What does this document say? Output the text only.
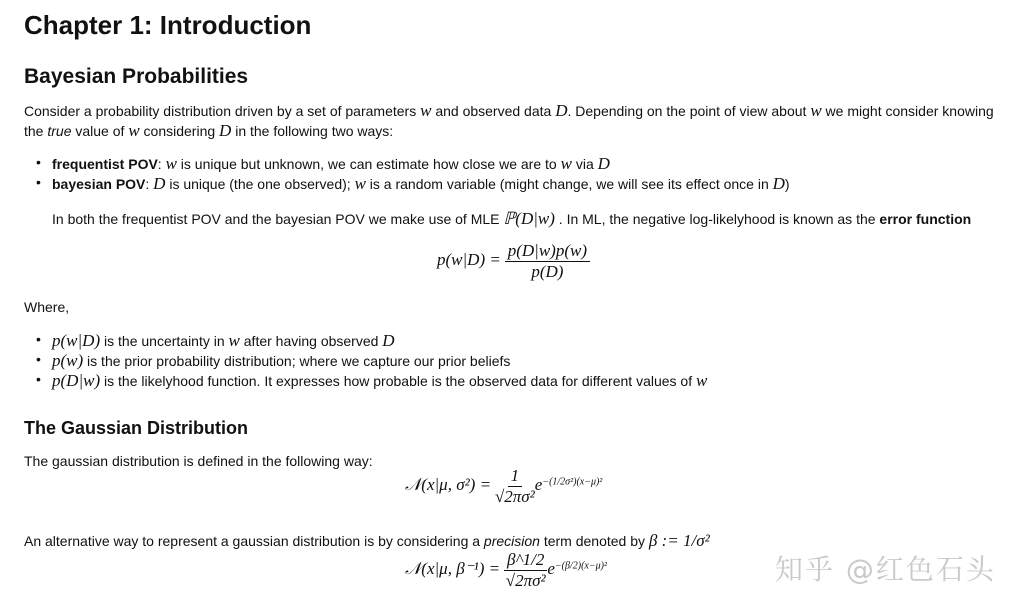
Chapter 1: Introduction
Bayesian Probabilities
Consider a probability distribution driven by a set of parameters w and observed data D. Depending on the point of view about w we might consider knowing
the true value of w considering D in the following two ways:
• frequentist POV: w is unique but unknown, we can estimate how close we are to w via D
• bayesian POV: D is unique (the one observed); w is a random variable (might change, we will see its effect once in D)
In both the frequentist POV and the bayesian POV we make use of MLE ℙ(D|w) . In ML, the negative log-likelyhood is known as the error function
$p(w|D) = \frac{p(D|w)p(w)}{p(D)}$
Where,
• p(w|D) is the uncertainty in w after having observed D
• p(w) is the prior probability distribution; where we capture our prior beliefs
• p(D|w) is the likelyhood function. It expresses how probable is the observed data for different values of w
The Gaussian Distribution
The gaussian distribution is defined in the following way:
𝒩(x|μ, $\sigma^2) = \frac{1}{\text{√2πσ²}} e^{-(1/2\sigma^2)(x-\mu)^2}$
An alternative way to represent a gaussian distribution is by considering a precision term denoted by β := 1/σ²
𝒩(x|μ, $\beta^{-1}) = \frac{\beta\^{}1/2}{\text{√2πσ²}} e^{-(\beta/2)(x-\mu)^2}$	知乎 @红色石头
